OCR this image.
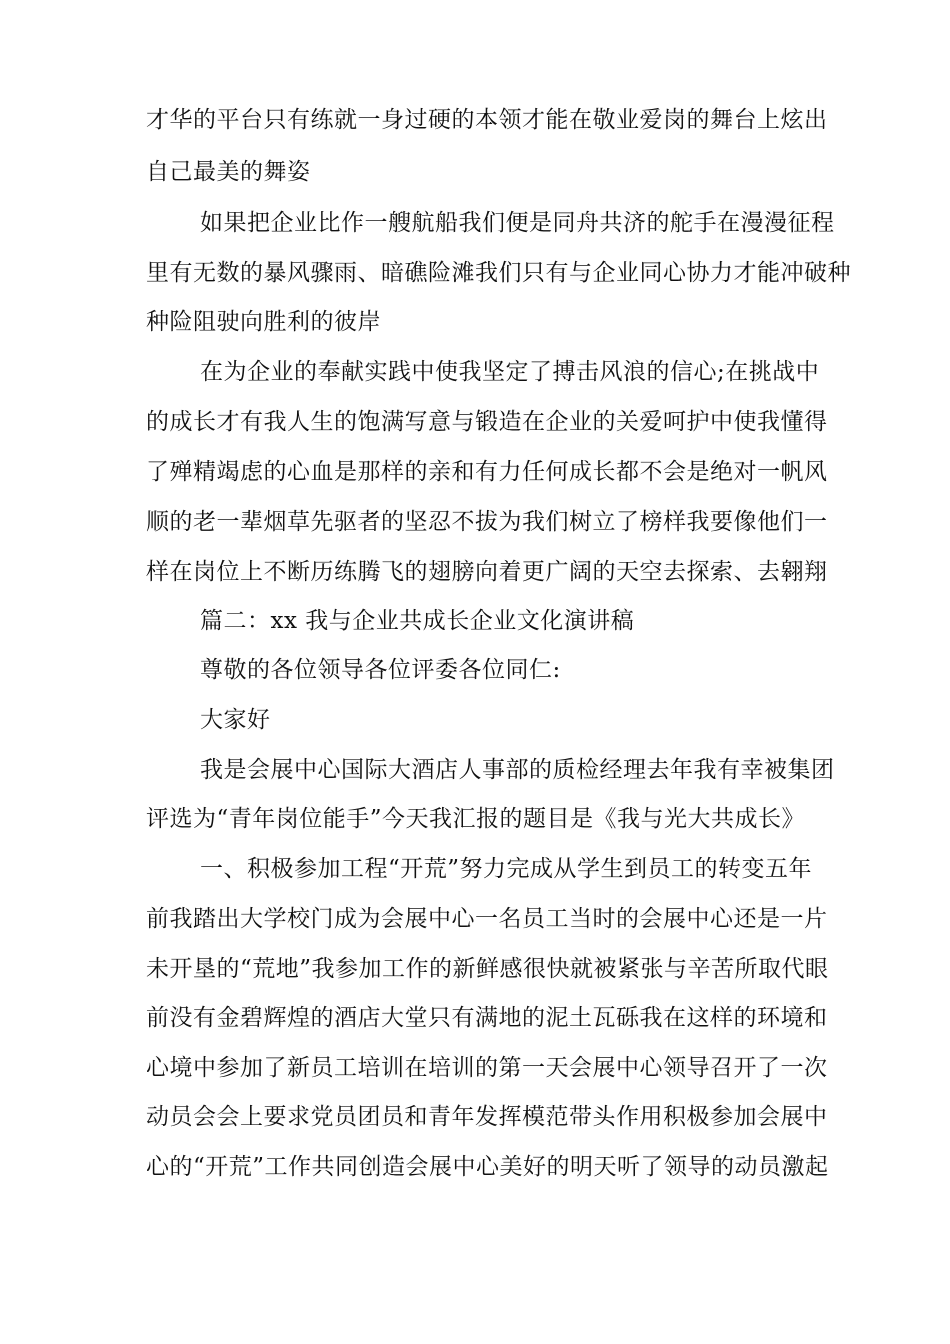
才华的平台只有练就一身过硬的本领才能在敬业爱岗的舞台上炫出
自己最美的舞姿
如果把企业比作一艘航船我们便是同舟共济的舵手在漫漫征程
里有无数的暴风骤雨、暗礁险滩我们只有与企业同心协力才能冲破种
种险阻驶向胜利的彼岸
在为企业的奉献实践中使我坚定了搏击风浪的信心;在挑战中
的成长才有我人生的饱满写意与锻造在企业的关爱呵护中使我懂得
了殚精竭虑的心血是那样的亲和有力任何成长都不会是绝对一帆风
顺的老一辈烟草先驱者的坚忍不拔为我们树立了榜样我要像他们一
样在岗位上不断历练腾飞的翅膀向着更广阔的天空去探索、去翱翔
篇二：xx 我与企业共成长企业文化演讲稿
尊敬的各位领导各位评委各位同仁:
大家好
我是会展中心国际大酒店人事部的质检经理去年我有幸被集团
评选为“青年岗位能手”今天我汇报的题目是《我与光大共成长》
一、积极参加工程“开荒”努力完成从学生到员工的转变五年
前我踏出大学校门成为会展中心一名员工当时的会展中心还是一片
未开垦的“荒地”我参加工作的新鲜感很快就被紧张与辛苦所取代眼
前没有金碧辉煌的酒店大堂只有满地的泥土瓦砾我在这样的环境和
心境中参加了新员工培训在培训的第一天会展中心领导召开了一次
动员会会上要求党员团员和青年发挥模范带头作用积极参加会展中
心的“开荒”工作共同创造会展中心美好的明天听了领导的动员激起
